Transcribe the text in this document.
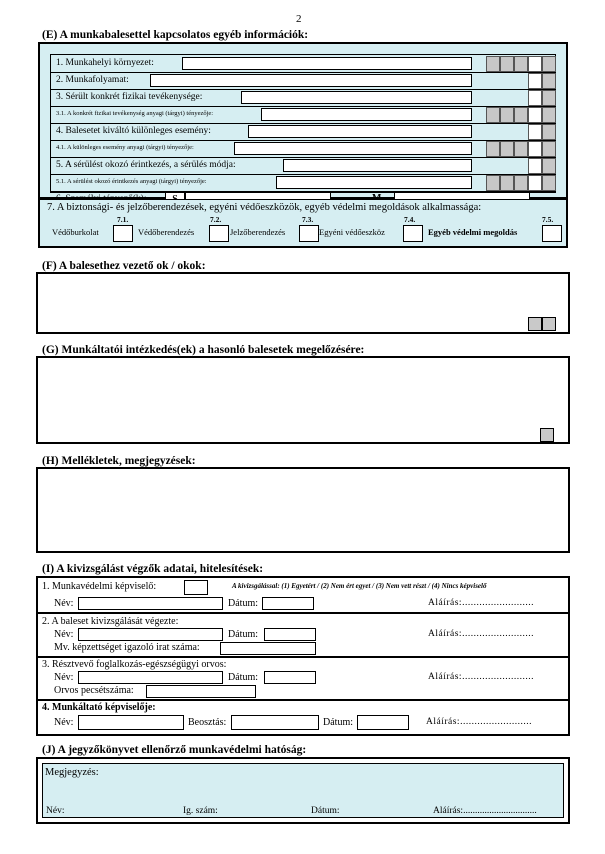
2
(E) A munkabalesettel kapcsolatos egyéb információk:
1. Munkahelyi környezet:
2. Munkafolyamat:
3. Sérült konkrét fizikai tevékenysége:
3.1. A konkrét fizikai tevékenység anyagi (tárgyi) tényezője:
4. Balesetet kiváltó különleges esemény:
4.1. A különleges esemény anyagi (tárgyi) tényezője:
5. A sérülést okozó érintkezés, a sérülés módja:
5.1. A sérülést okozó érintkezés anyagi (tárgyi) tényezője:
7. A biztonsági- és jelzőberendezések, egyéni védőeszközök, egyéb védelmi megoldások alkalmassága:
7.1.	7.2.	7.3.	7.4.	7.5.
Védőburkolat	Védőberendezés	Jelzőberendezés	Egyéni védőeszköz	Egyéb védelmi megoldás
(F) A balesethez vezető ok / okok:
(G) Munkáltatói intézkedés(ek) a hasonló balesetek megelőzésére:
(H) Mellékletek, megjegyzések:
(I) A kivizsgálást végzők adatai, hitelesítések:
1. Munkavédelmi képviselő:	A kivizsgálással: (1) Egyetért / (2) Nem ért egyet / (3) Nem vett részt / (4) Nincs képviselő
Név:	Dátum:	Aláírás:.........................
2. A baleset kivizsgálását végezte:
Név:	Dátum:	Aláírás:.........................
Mv. képzettséget igazoló irat száma:
3. Résztvevő foglalkozás-egészségügyi orvos:
Név:	Dátum:	Aláírás:.........................
Orvos pecsétszáma:
4. Munkáltató képviselője:
Név:	Beosztás:	Dátum:	Aláírás:.........................
(J) A jegyzőkönyvet ellenőrző munkavédelmi hatóság:
Megjegyzés:
Név:	Ig. szám:	Dátum:	Aláírás:...............................
